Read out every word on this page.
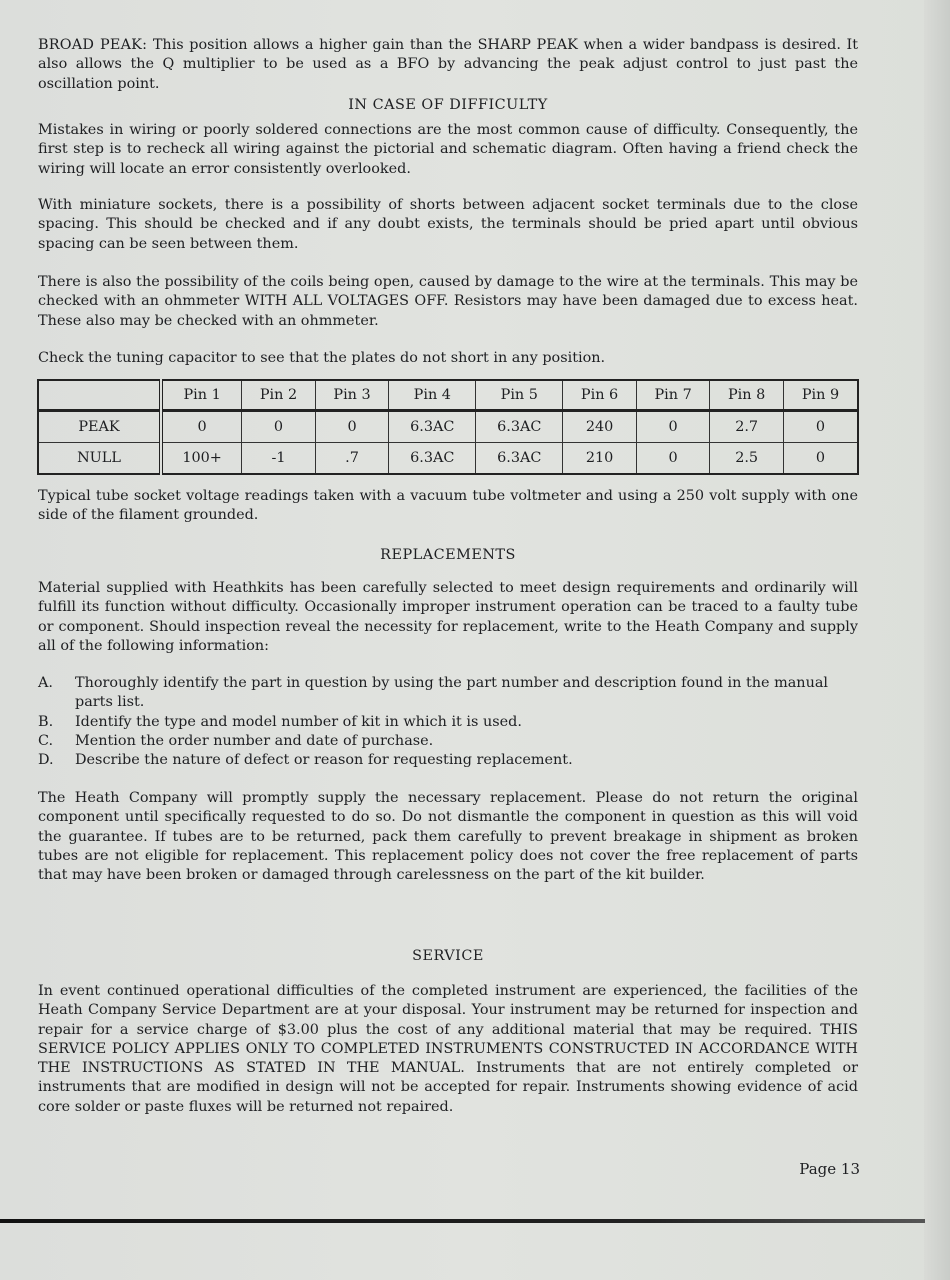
BROAD PEAK: This position allows a higher gain than the SHARP PEAK when a wider bandpass is desired. It also allows the Q multiplier to be used as a BFO by advancing the peak adjust control to just past the oscillation point.

IN CASE OF DIFFICULTY

Mistakes in wiring or poorly soldered connections are the most common cause of difficulty. Consequently, the first step is to recheck all wiring against the pictorial and schematic diagram. Often having a friend check the wiring will locate an error consistently overlooked.

With miniature sockets, there is a possibility of shorts between adjacent socket terminals due to the close spacing. This should be checked and if any doubt exists, the terminals should be pried apart until obvious spacing can be seen between them.

There is also the possibility of the coils being open, caused by damage to the wire at the terminals. This may be checked with an ohmmeter WITH ALL VOLTAGES OFF. Resistors may have been damaged due to excess heat. These also may be checked with an ohmmeter.

Check the tuning capacitor to see that the plates do not short in any position.

	Pin 1	Pin 2	Pin 3	Pin 4	Pin 5	Pin 6	Pin 7	Pin 8	Pin 9
PEAK	0	0	0	6.3AC	6.3AC	240	0	2.7	0
NULL	100+	-1	.7	6.3AC	6.3AC	210	0	2.5	0

Typical tube socket voltage readings taken with a vacuum tube voltmeter and using a 250 volt supply with one side of the filament grounded.

REPLACEMENTS

Material supplied with Heathkits has been carefully selected to meet design requirements and ordinarily will fulfill its function without difficulty. Occasionally improper instrument operation can be traced to a faulty tube or component. Should inspection reveal the necessity for replacement, write to the Heath Company and supply all of the following information:

A.	Thoroughly identify the part in question by using the part number and description found in the manual parts list.
B.	Identify the type and model number of kit in which it is used.
C.	Mention the order number and date of purchase.
D.	Describe the nature of defect or reason for requesting replacement.

The Heath Company will promptly supply the necessary replacement. Please do not return the original component until specifically requested to do so. Do not dismantle the component in question as this will void the guarantee. If tubes are to be returned, pack them carefully to prevent breakage in shipment as broken tubes are not eligible for replacement. This replacement policy does not cover the free replacement of parts that may have been broken or damaged through carelessness on the part of the kit builder.

SERVICE

In event continued operational difficulties of the completed instrument are experienced, the facilities of the Heath Company Service Department are at your disposal. Your instrument may be returned for inspection and repair for a service charge of $3.00 plus the cost of any additional material that may be required. THIS SERVICE POLICY APPLIES ONLY TO COMPLETED INSTRUMENTS CONSTRUCTED IN ACCORDANCE WITH THE INSTRUCTIONS AS STATED IN THE MANUAL. Instruments that are not entirely completed or instruments that are modified in design will not be accepted for repair. Instruments showing evidence of acid core solder or paste fluxes will be returned not repaired.

Page 13
